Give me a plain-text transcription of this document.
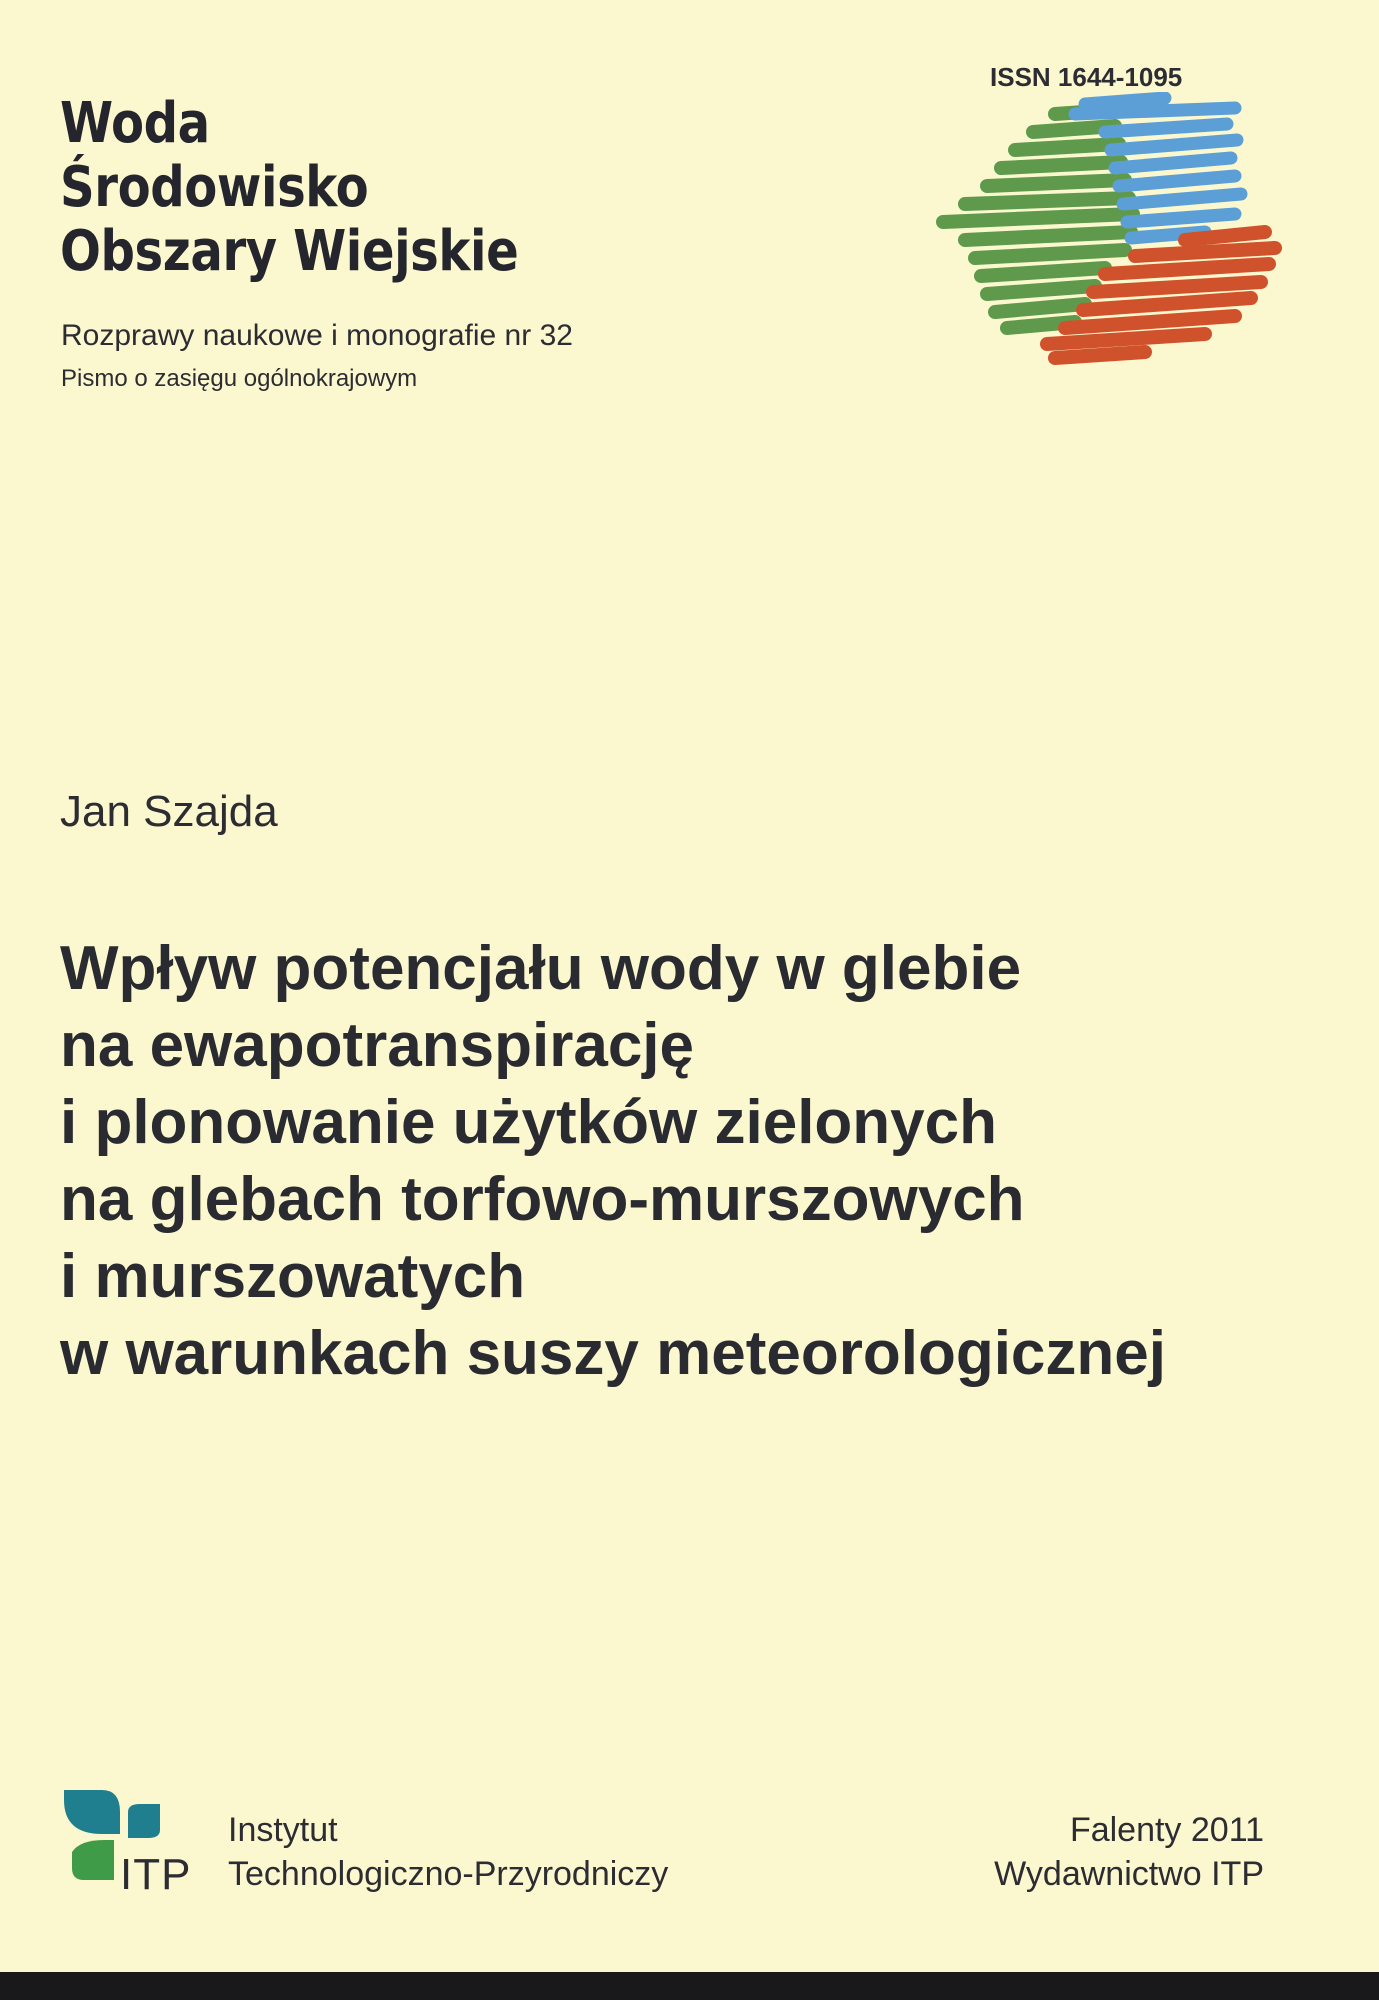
Woda
Środowisko
Obszary Wiejskie
Rozprawy naukowe i monografie nr 32
Pismo o zasięgu ogólnokrajowym
ISSN 1644-1095
Jan Szajda
Wpływ potencjału wody w glebie
na ewapotranspirację
i plonowanie użytków zielonych
na glebach torfowo-murszowych
i murszowatych
w warunkach suszy meteorologicznej
ITP
Instytut
Technologiczno-Przyrodniczy
Falenty 2011
Wydawnictwo ITP
